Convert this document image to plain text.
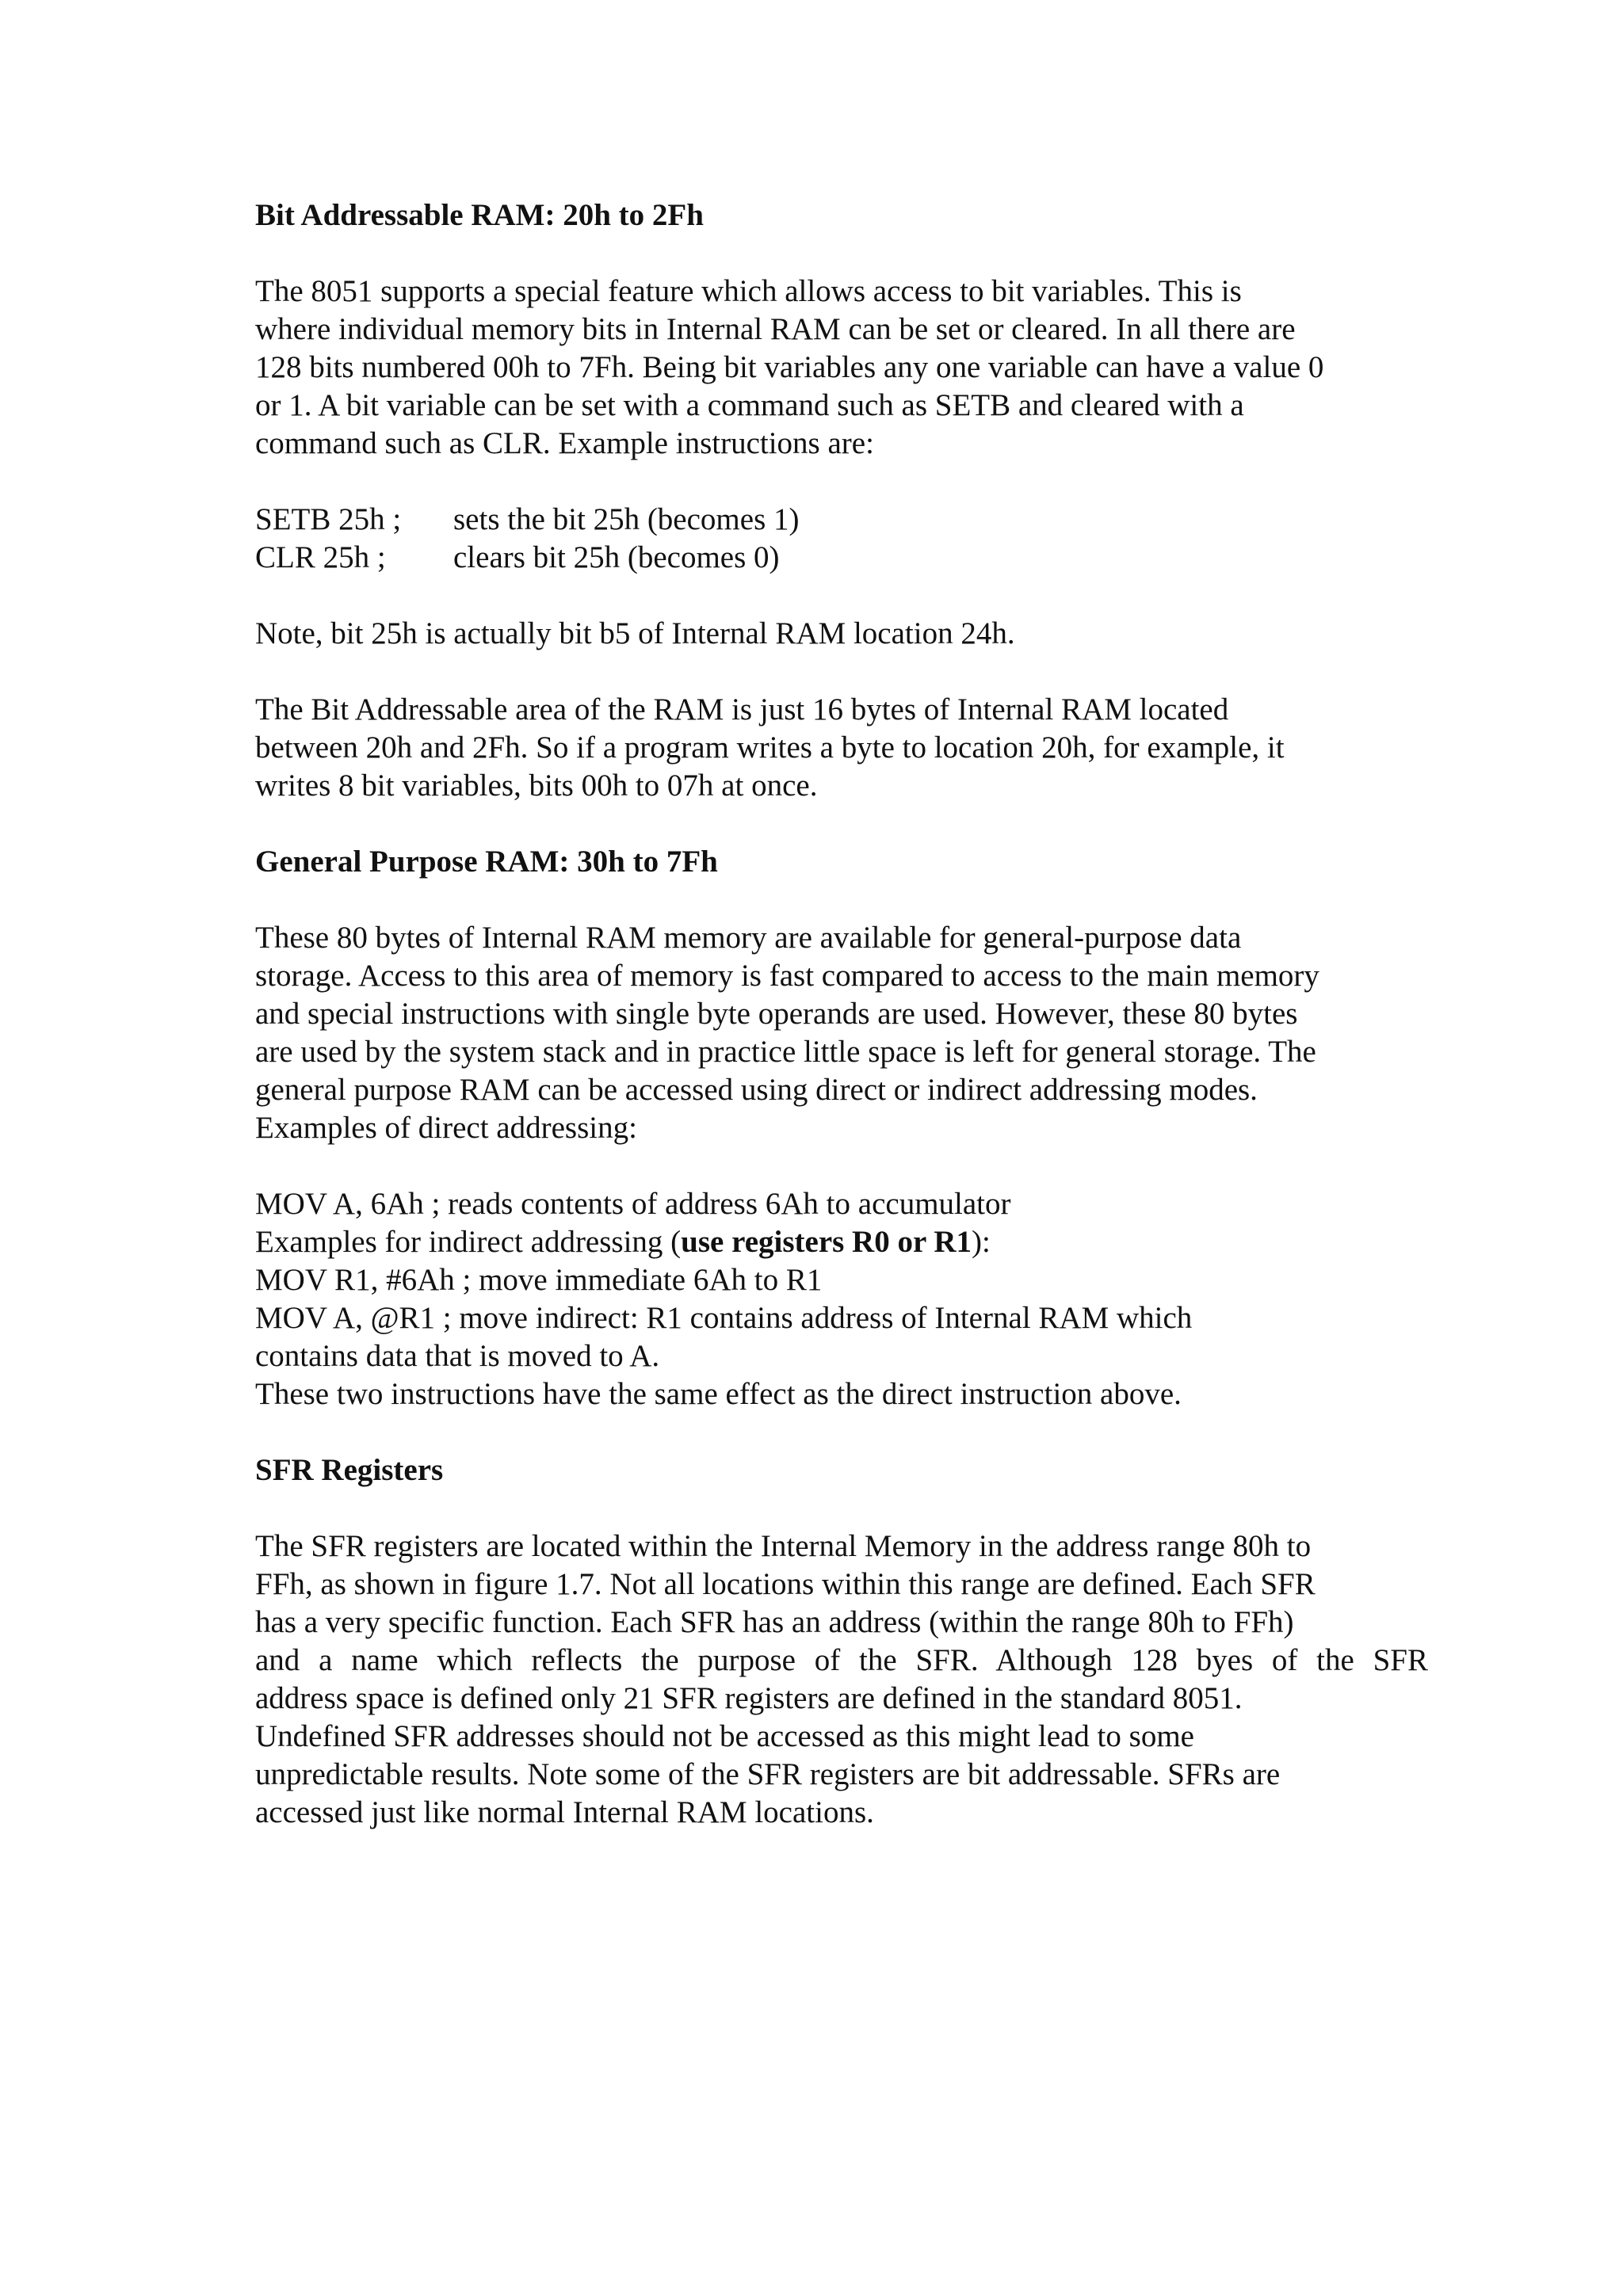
Bit Addressable RAM: 20h to 2Fh

The 8051 supports a special feature which allows access to bit variables. This is
where individual memory bits in Internal RAM can be set or cleared. In all there are
128 bits numbered 00h to 7Fh. Being bit variables any one variable can have a value 0
or 1. A bit variable can be set with a command such as SETB and cleared with a
command such as CLR. Example instructions are:

SETB 25h ;	sets the bit 25h (becomes 1)
CLR 25h ;	clears bit 25h (becomes 0)

Note, bit 25h is actually bit b5 of Internal RAM location 24h.

The Bit Addressable area of the RAM is just 16 bytes of Internal RAM located
between 20h and 2Fh. So if a program writes a byte to location 20h, for example, it
writes 8 bit variables, bits 00h to 07h at once.

General Purpose RAM: 30h to 7Fh

These 80 bytes of Internal RAM memory are available for general-purpose data
storage. Access to this area of memory is fast compared to access to the main memory
and special instructions with single byte operands are used. However, these 80 bytes
are used by the system stack and in practice little space is left for general storage. The
general purpose RAM can be accessed using direct or indirect addressing modes.
Examples of direct addressing:

MOV A, 6Ah ; reads contents of address 6Ah to accumulator
Examples for indirect addressing (use registers R0 or R1):
MOV R1, #6Ah ; move immediate 6Ah to R1
MOV A, @R1 ; move indirect: R1 contains address of Internal RAM which
contains data that is moved to A.
These two instructions have the same effect as the direct instruction above.

SFR Registers

The SFR registers are located within the Internal Memory in the address range 80h to
FFh, as shown in figure 1.7. Not all locations within this range are defined. Each SFR
has a very specific function. Each SFR has an address (within the range 80h to FFh)
and a name which reflects the purpose of the SFR. Although 128 byes of the SFR
address space is defined only 21 SFR registers are defined in the standard 8051.
Undefined SFR addresses should not be accessed as this might lead to some
unpredictable results. Note some of the SFR registers are bit addressable. SFRs are
accessed just like normal Internal RAM locations.
